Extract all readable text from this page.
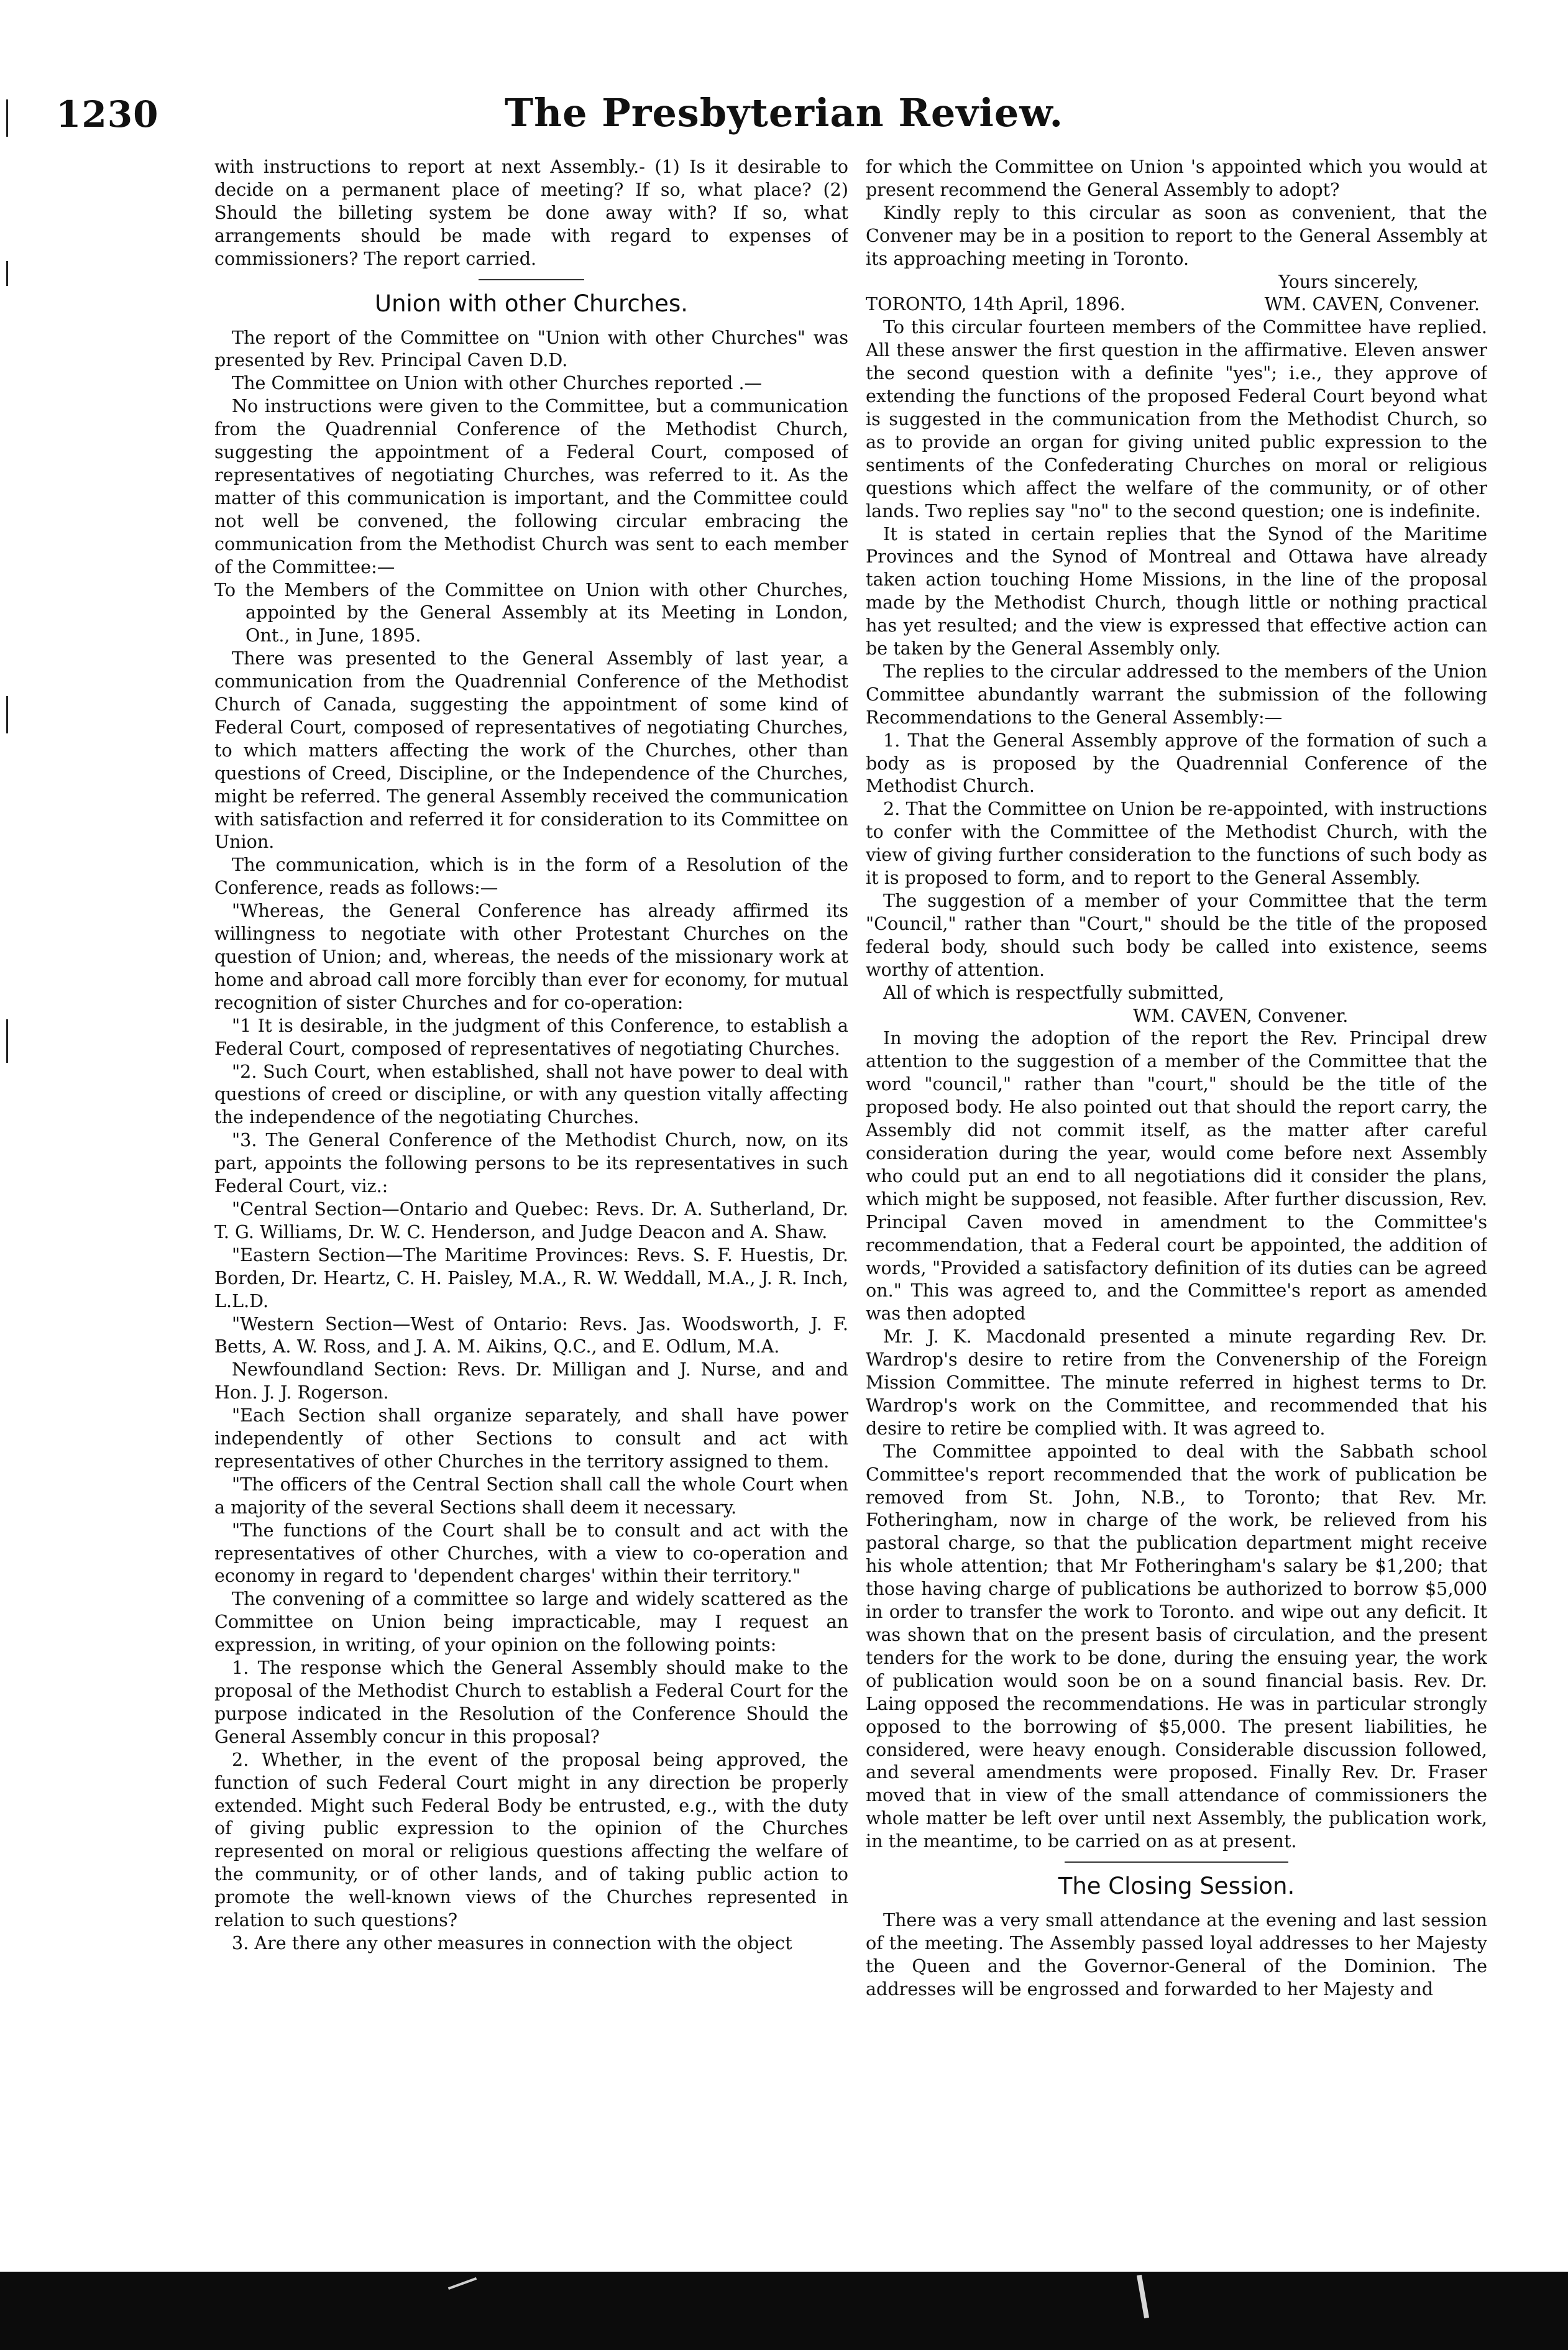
1230	The Presbyterian Review.

with instructions to report at next Assembly.- (1) Is it desirable to decide on a permanent place of meeting? If so, what place? (2) Should the billeting system be done away with? If so, what arrangements should be made with regard to expenses of commissioners? The report carried.

Union with other Churches.

The report of the Committee on "Union with other Churches" was presented by Rev. Principal Caven D.D.

The Committee on Union with other Churches reported .—

No instructions were given to the Committee, but a communication from the Quadrennial Conference of the Methodist Church, suggesting the appointment of a Federal Court, composed of representatives of negotiating Churches, was referred to it. As the matter of this communication is important, and the Committee could not well be convened, the following circular embracing the communication from the Methodist Church was sent to each member of the Committee:—

To the Members of the Committee on Union with other Churches, appointed by the General Assembly at its Meeting in London, Ont., in June, 1895.

There was presented to the General Assembly of last year, a communication from the Quadrennial Conference of the Methodist Church of Canada, suggesting the appointment of some kind of Federal Court, composed of representatives of negotiating Churches, to which matters affecting the work of the Churches, other than questions of Creed, Discipline, or the Independence of the Churches, might be referred. The general Assembly received the communication with satisfaction and referred it for consideration to its Committee on Union.

The communication, which is in the form of a Resolution of the Conference, reads as follows:—

"Whereas, the General Conference has already affirmed its willingness to negotiate with other Protestant Churches on the question of Union; and, whereas, the needs of the missionary work at home and abroad call more forcibly than ever for economy, for mutual recognition of sister Churches and for co-operation:

"1 It is desirable, in the judgment of this Conference, to establish a Federal Court, composed of representatives of negotiating Churches.

"2. Such Court, when established, shall not have power to deal with questions of creed or discipline, or with any question vitally affecting the independence of the negotiating Churches.

"3. The General Conference of the Methodist Church, now, on its part, appoints the following persons to be its representatives in such Federal Court, viz.:

"Central Section—Ontario and Quebec: Revs. Dr. A. Sutherland, Dr. T. G. Williams, Dr. W. C. Henderson, and Judge Deacon and A. Shaw.

"Eastern Section—The Maritime Provinces: Revs. S. F. Huestis, Dr. Borden, Dr. Heartz, C. H. Paisley, M.A., R. W. Weddall, M.A., J. R. Inch, L.L.D.

"Western Section—West of Ontario: Revs. Jas. Woodsworth, J. F. Betts, A. W. Ross, and J. A. M. Aikins, Q.C., and E. Odlum, M.A.

Newfoundland Section: Revs. Dr. Milligan and J. Nurse, and and Hon. J. J. Rogerson.

"Each Section shall organize separately, and shall have power independently of other Sections to consult and act with representatives of other Churches in the territory assigned to them.

"The officers of the Central Section shall call the whole Court when a majority of the several Sections shall deem it necessary.

"The functions of the Court shall be to consult and act with the representatives of other Churches, with a view to co-operation and economy in regard to 'dependent charges' within their territory."

The convening of a committee so large and widely scattered as the Committee on Union being impracticable, may I request an expression, in writing, of your opinion on the following points:

1. The response which the General Assembly should make to the proposal of the Methodist Church to establish a Federal Court for the purpose indicated in the Resolution of the Conference Should the General Assembly concur in this proposal?

2. Whether, in the event of the proposal being approved, the function of such Federal Court might in any direction be properly extended. Might such Federal Body be entrusted, e.g., with the duty of giving public expression to the opinion of the Churches represented on moral or religious questions affecting the welfare of the community, or of other lands, and of taking public action to promote the well-known views of the Churches represented in relation to such questions?

3. Are there any other measures in connection with the object

for which the Committee on Union 's appointed which you would at present recommend the General Assembly to adopt?

Kindly reply to this circular as soon as convenient, that the Convener may be in a position to report to the General Assembly at its approaching meeting in Toronto.

Yours sincerely,

TORONTO, 14th April, 1896.	WM. CAVEN, Convener.

To this circular fourteen members of the Committee have replied. All these answer the first question in the affirmative. Eleven answer the second question with a definite "yes"; i.e., they approve of extending the functions of the proposed Federal Court beyond what is suggested in the communication from the Methodist Church, so as to provide an organ for giving united public expression to the sentiments of the Confederating Churches on moral or religious questions which affect the welfare of the community, or of other lands. Two replies say "no" to the second question; one is indefinite.

It is stated in certain replies that the Synod of the Maritime Provinces and the Synod of Montreal and Ottawa have already taken action touching Home Missions, in the line of the proposal made by the Methodist Church, though little or nothing practical has yet resulted; and the view is expressed that effective action can be taken by the General Assembly only.

The replies to the circular addressed to the members of the Union Committee abundantly warrant the submission of the following Recommendations to the General Assembly:—

1. That the General Assembly approve of the formation of such a body as is proposed by the Quadrennial Conference of the Methodist Church.

2. That the Committee on Union be re-appointed, with instructions to confer with the Committee of the Methodist Church, with the view of giving further consideration to the functions of such body as it is proposed to form, and to report to the General Assembly.

The suggestion of a member of your Committee that the term "Council," rather than "Court," should be the title of the proposed federal body, should such body be called into existence, seems worthy of attention.

All of which is respectfully submitted,

WM. CAVEN, Convener.

In moving the adoption of the report the Rev. Principal drew attention to the suggestion of a member of the Committee that the word "council," rather than "court," should be the title of the proposed body. He also pointed out that should the report carry, the Assembly did not commit itself, as the matter after careful consideration during the year, would come before next Assembly who could put an end to all negotiations did it consider the plans, which might be supposed, not feasible. After further discussion, Rev. Principal Caven moved in amendment to the Committee's recommendation, that a Federal court be appointed, the addition of words, "Provided a satisfactory definition of its duties can be agreed on." This was agreed to, and the Committee's report as amended was then adopted

Mr. J. K. Macdonald presented a minute regarding Rev. Dr. Wardrop's desire to retire from the Convenership of the Foreign Mission Committee. The minute referred in highest terms to Dr. Wardrop's work on the Committee, and recommended that his desire to retire be complied with. It was agreed to.

The Committee appointed to deal with the Sabbath school Committee's report recommended that the work of publication be removed from St. John, N.B., to Toronto; that Rev. Mr. Fotheringham, now in charge of the work, be relieved from his pastoral charge, so that the publication department might receive his whole attention; that Mr Fotheringham's salary be $1,200; that those having charge of publications be authorized to borrow $5,000 in order to transfer the work to Toronto. and wipe out any deficit. It was shown that on the present basis of circulation, and the present tenders for the work to be done, during the ensuing year, the work of publication would soon be on a sound financial basis. Rev. Dr. Laing opposed the recommendations. He was in particular strongly opposed to the borrowing of $5,000. The present liabilities, he considered, were heavy enough. Considerable discussion followed, and several amendments were proposed. Finally Rev. Dr. Fraser moved that in view of the small attendance of commissioners the whole matter be left over until next Assembly, the publication work, in the meantime, to be carried on as at present.

The Closing Session.

There was a very small attendance at the evening and last session of the meeting. The Assembly passed loyal addresses to her Majesty the Queen and the Governor-General of the Dominion. The addresses will be engrossed and forwarded to her Majesty and
